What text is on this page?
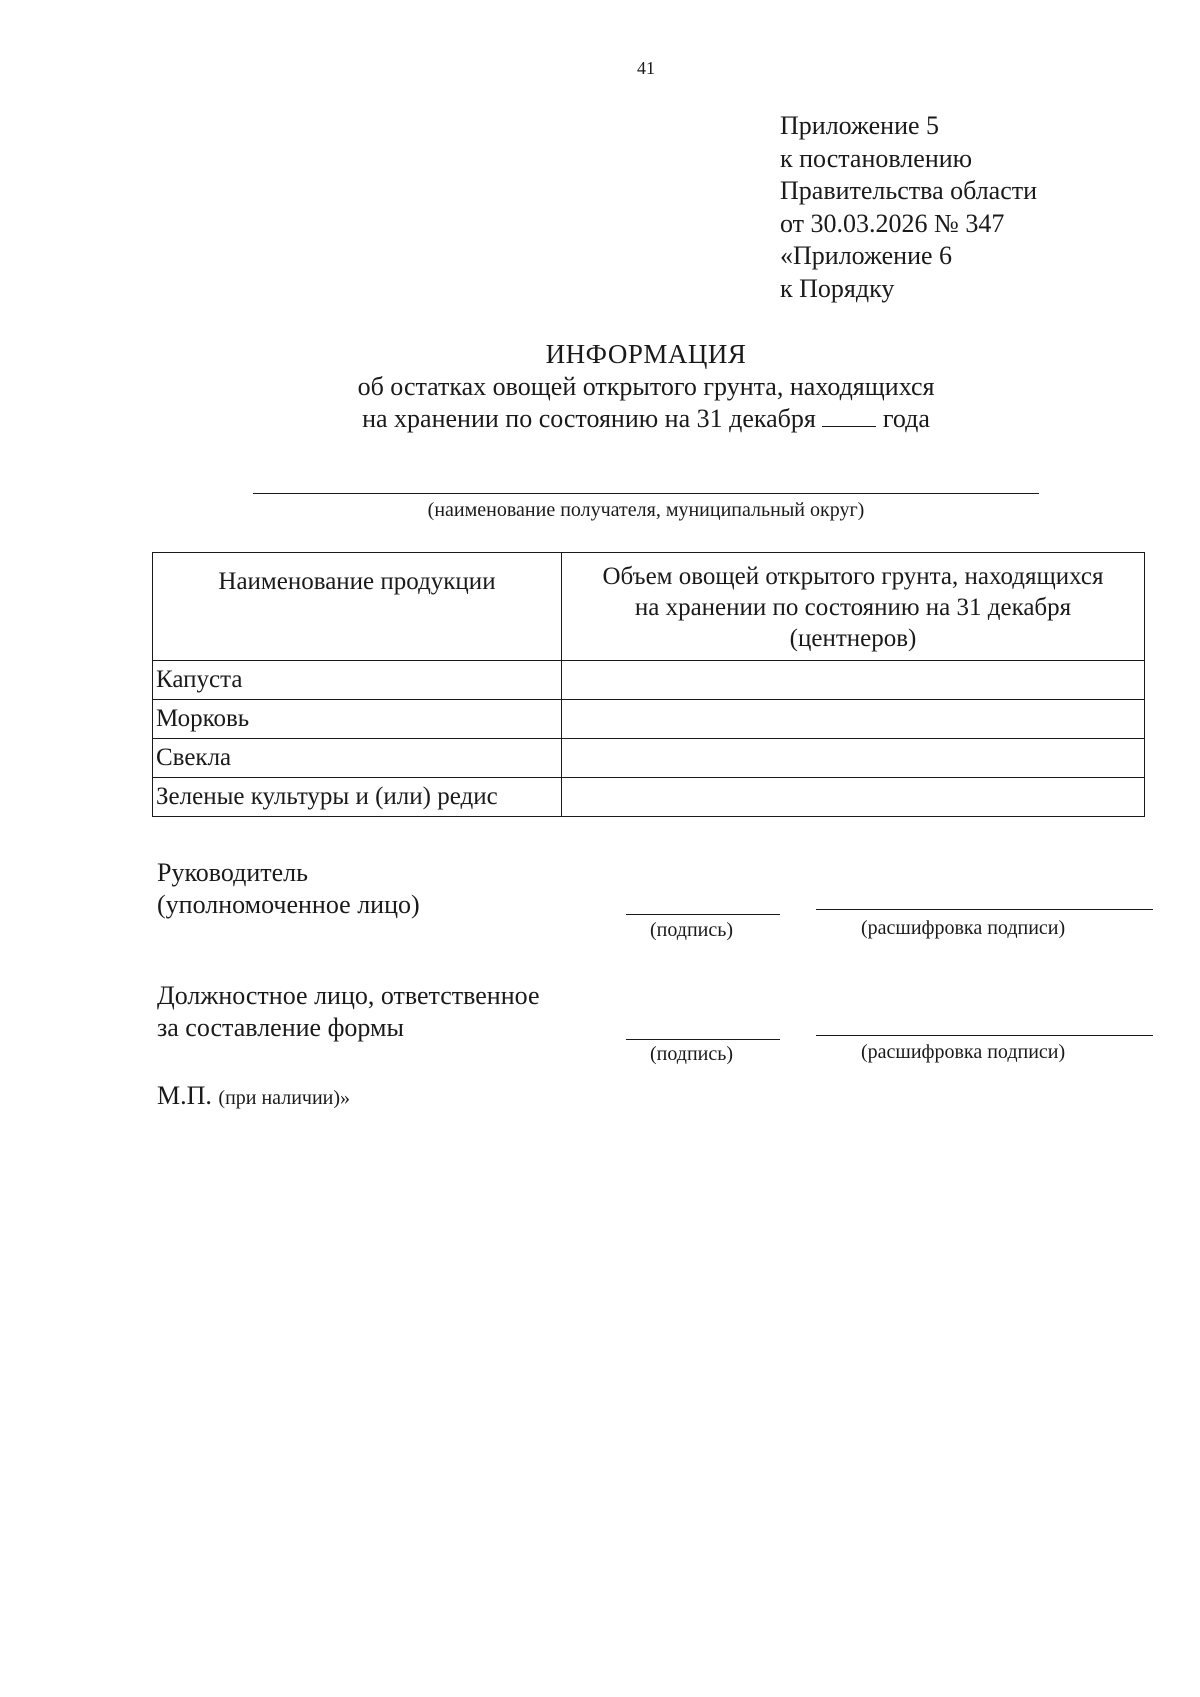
41
Приложение 5
к постановлению
Правительства области
от 30.03.2026 № 347
«Приложение 6
к Порядку
ИНФОРМАЦИЯ
об остатках овощей открытого грунта, находящихся
на хранении по состоянию на 31 декабря	года
(наименование получателя, муниципальный округ)
Наименование продукции	Объем овощей открытого грунта, находящихся
на хранении по состоянию на 31 декабря
(центнеров)

Капуста	
Морковь	
Свекла	
Зеленые культуры и (или) редис	
Руководитель
(уполномоченное лицо)
(подпись)	(расшифровка подписи)
Должностное лицо, ответственное
за составление формы
(подпись)	(расшифровка подписи)
М.П. (при наличии)»
